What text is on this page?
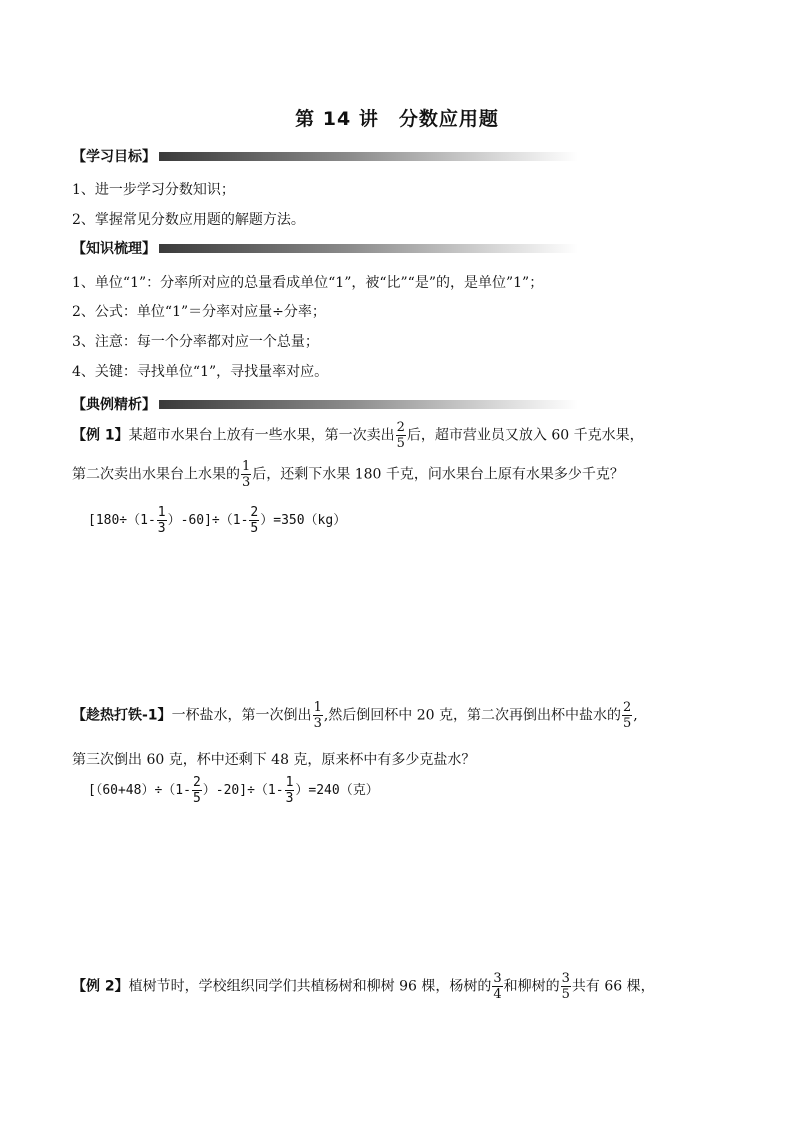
第 14 讲　分数应用题
【学习目标】
1、进一步学习分数知识；
2、掌握常见分数应用题的解题方法。
【知识梳理】
1、单位“1”：分率所对应的总量看成单位“1”，被“比”“是”的，是单位”1”；
2、公式：单位“1”＝分率对应量÷分率；
3、注意：每一个分率都对应一个总量；
4、关键：寻找单位“1”，寻找量率对应。
【典例精析】
【例 1】某超市水果台上放有一些水果，第一次卖出 $\frac{2}{5}$ 后，超市营业员又放入 60 千克水果，
第二次卖出水果台上水果的 $\frac{1}{3}$ 后，还剩下水果 180 千克，问水果台上原有水果多少千克？
$[180\div(1- \frac{1}{3} )-60]\div(1- \frac{2}{5} )=350(kg)$
【趁热打铁-1】一杯盐水，第一次倒出 $\frac{1}{3}$ ,然后倒回杯中 20 克，第二次再倒出杯中盐水的 $\frac{2}{5}$ ,
第三次倒出 60 克，杯中还剩下 48 克，原来杯中有多少克盐水？
$[(60+48)\div(1- \frac{2}{5} )-20]\div(1- \frac{1}{3} )=240$（克）
【例 2】植树节时，学校组织同学们共植杨树和柳树 96 棵，杨树的 $\frac{3}{4}$ 和柳树的 $\frac{3}{5}$ 共有 66 棵，
